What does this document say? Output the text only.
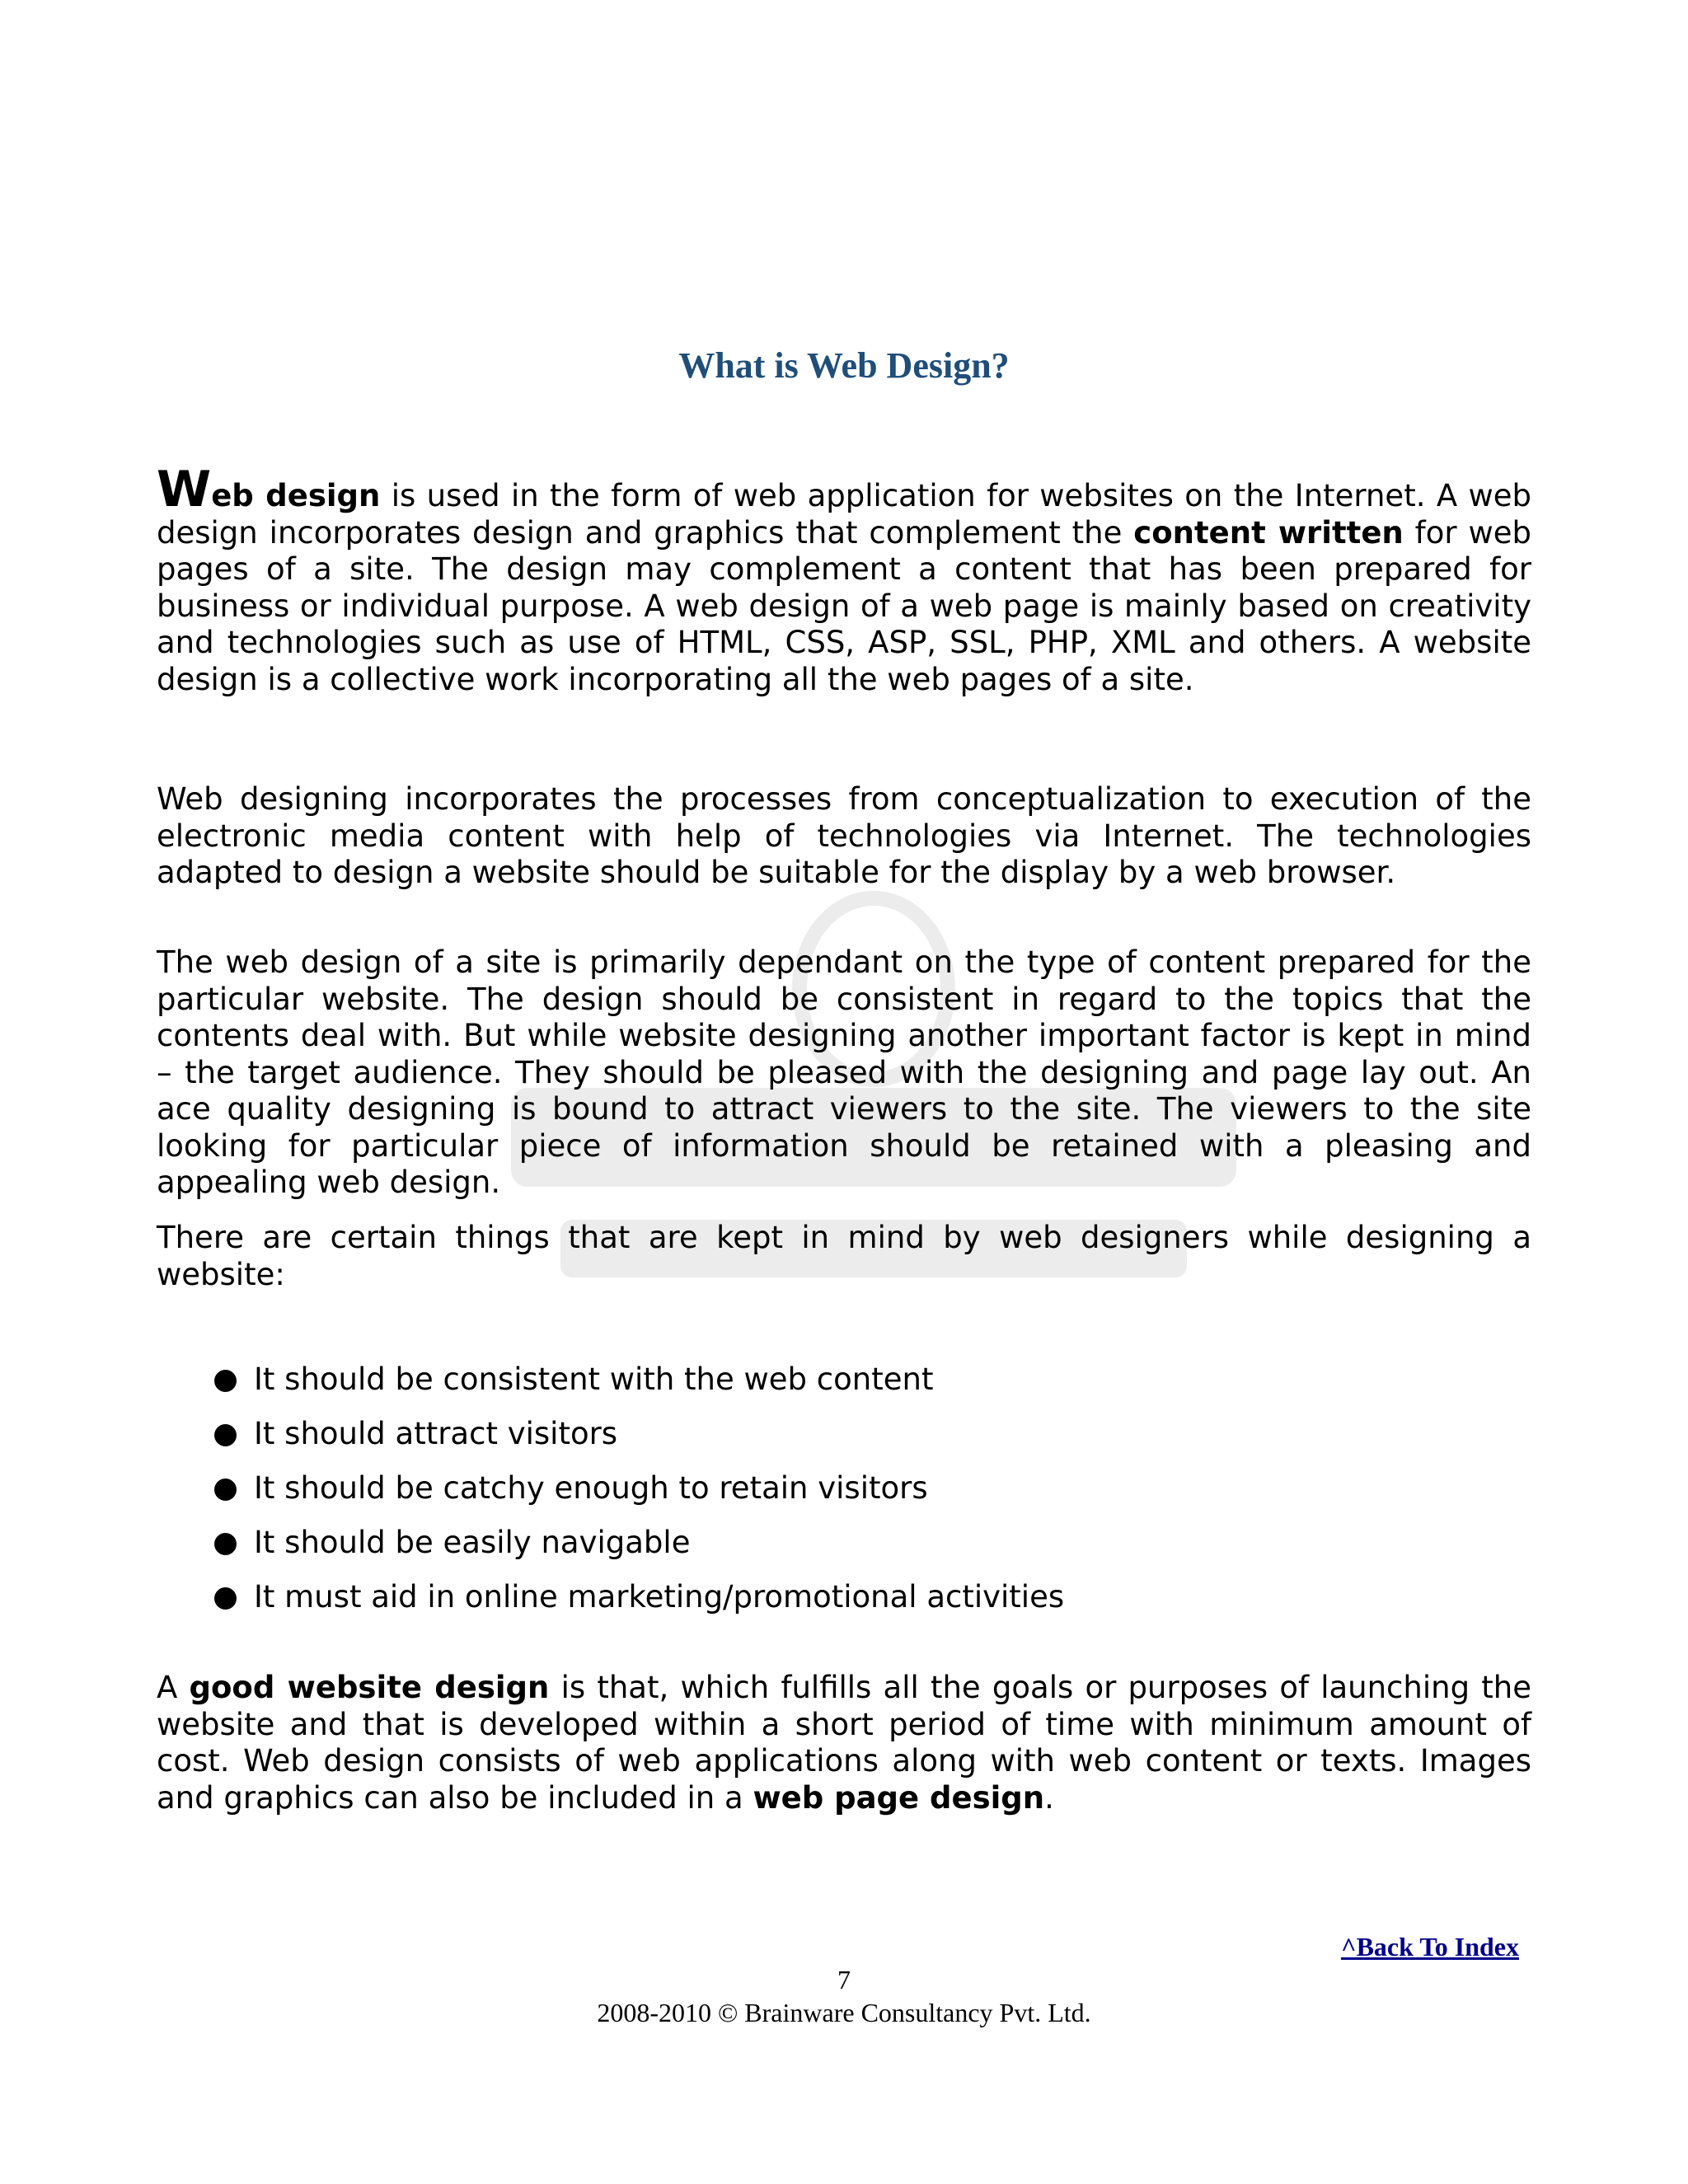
What is Web Design?

Web design is used in the form of web application for websites on the Internet. A web design incorporates design and graphics that complement the content written for web pages of a site. The design may complement a content that has been prepared for business or individual purpose. A web design of a web page is mainly based on creativity and technologies such as use of HTML, CSS, ASP, SSL, PHP, XML and others. A website design is a collective work incorporating all the web pages of a site.

Web designing incorporates the processes from conceptualization to execution of the electronic media content with help of technologies via Internet. The technologies adapted to design a website should be suitable for the display by a web browser.

The web design of a site is primarily dependant on the type of content prepared for the particular website. The design should be consistent in regard to the topics that the contents deal with. But while website designing another important factor is kept in mind – the target audience. They should be pleased with the designing and page lay out. An ace quality designing is bound to attract viewers to the site. The viewers to the site looking for particular piece of information should be retained with a pleasing and appealing web design.

There are certain things that are kept in mind by web designers while designing a website:

It should be consistent with the web content
It should attract visitors
It should be catchy enough to retain visitors
It should be easily navigable
It must aid in online marketing/promotional activities

A good website design is that, which fulfills all the goals or purposes of launching the website and that is developed within a short period of time with minimum amount of cost. Web design consists of web applications along with web content or texts. Images and graphics can also be included in a web page design.

^Back To Index
7
2008-2010 © Brainware Consultancy Pvt. Ltd.
